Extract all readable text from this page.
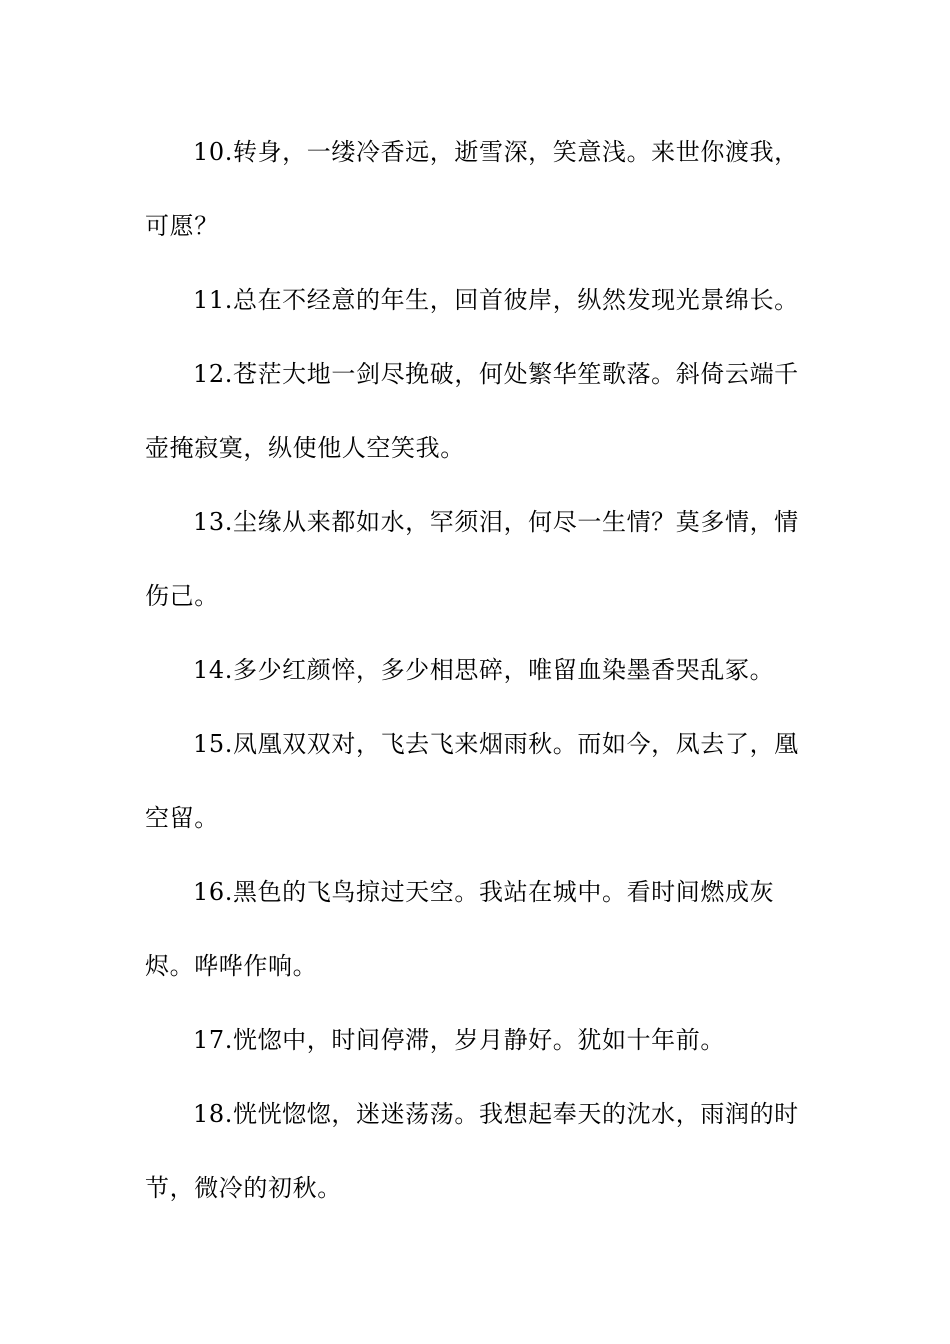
10.转身，一缕冷香远，逝雪深，笑意浅。来世你渡我，可愿？

11.总在不经意的年生，回首彼岸，纵然发现光景绵长。

12.苍茫大地一剑尽挽破，何处繁华笙歌落。斜倚云端千壶掩寂寞，纵使他人空笑我。

13.尘缘从来都如水，罕须泪，何尽一生情？莫多情，情伤己。

14.多少红颜悴，多少相思碎，唯留血染墨香哭乱冢。

15.凤凰双双对，飞去飞来烟雨秋。而如今，凤去了，凰空留。

16.黑色的飞鸟掠过天空。我站在城中。看时间燃成灰烬。哗哗作响。

17.恍惚中，时间停滞，岁月静好。犹如十年前。

18.恍恍惚惚，迷迷荡荡。我想起奉天的沈水，雨润的时节，微冷的初秋。
